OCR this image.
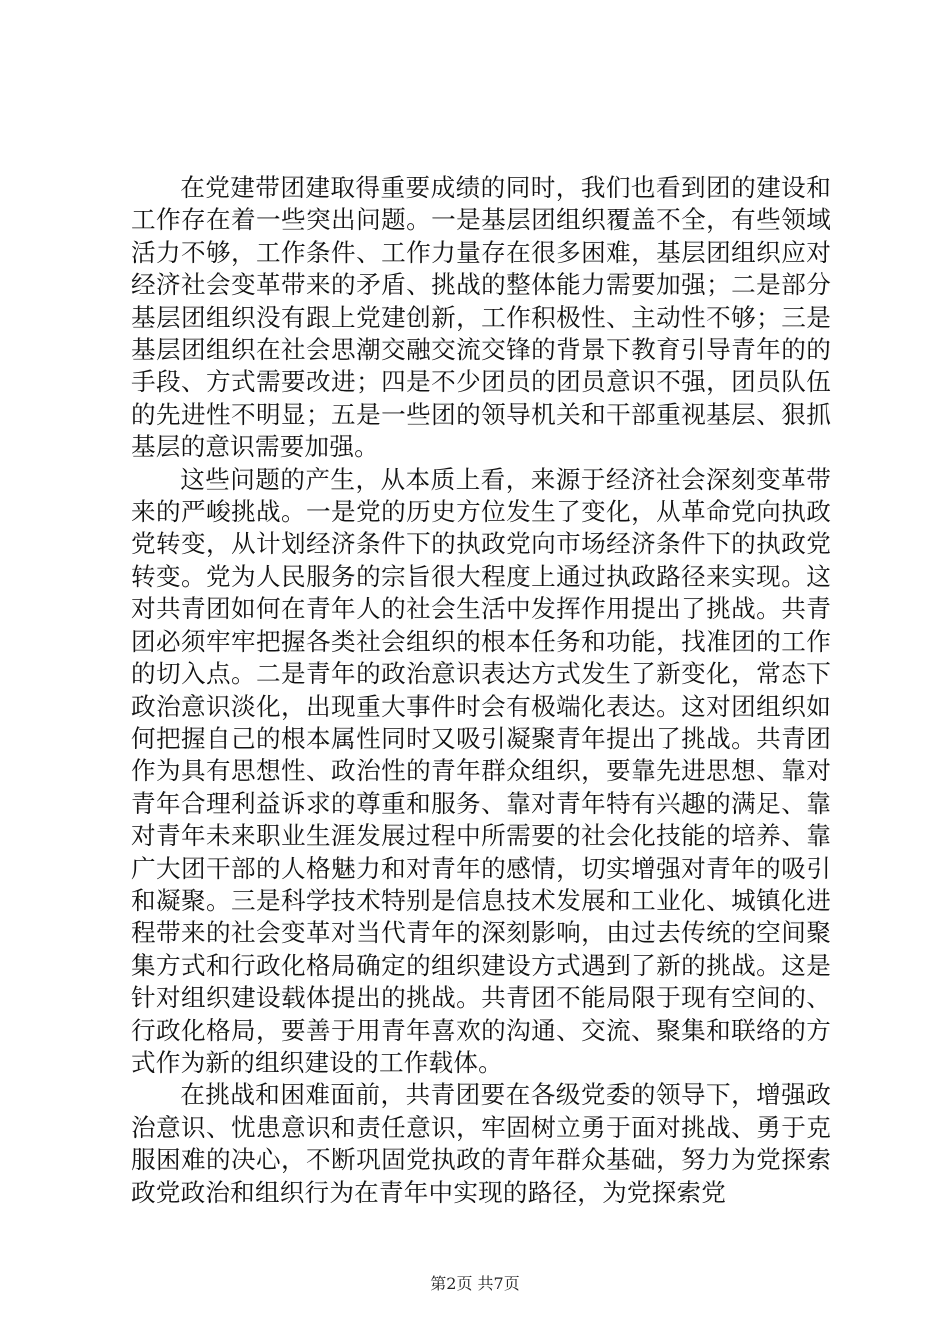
在党建带团建取得重要成绩的同时，我们也看到团的建设和工作存在着一些突出问题。一是基层团组织覆盖不全，有些领域活力不够，工作条件、工作力量存在很多困难，基层团组织应对经济社会变革带来的矛盾、挑战的整体能力需要加强；二是部分基层团组织没有跟上党建创新，工作积极性、主动性不够；三是基层团组织在社会思潮交融交流交锋的背景下教育引导青年的的手段、方式需要改进；四是不少团员的团员意识不强，团员队伍的先进性不明显；五是一些团的领导机关和干部重视基层、狠抓基层的意识需要加强。

这些问题的产生，从本质上看，来源于经济社会深刻变革带来的严峻挑战。一是党的历史方位发生了变化，从革命党向执政党转变，从计划经济条件下的执政党向市场经济条件下的执政党转变。党为人民服务的宗旨很大程度上通过执政路径来实现。这对共青团如何在青年人的社会生活中发挥作用提出了挑战。共青团必须牢牢把握各类社会组织的根本任务和功能，找准团的工作的切入点。二是青年的政治意识表达方式发生了新变化，常态下政治意识淡化，出现重大事件时会有极端化表达。这对团组织如何把握自己的根本属性同时又吸引凝聚青年提出了挑战。共青团作为具有思想性、政治性的青年群众组织，要靠先进思想、靠对青年合理利益诉求的尊重和服务、靠对青年特有兴趣的满足、靠对青年未来职业生涯发展过程中所需要的社会化技能的培养、靠广大团干部的人格魅力和对青年的感情，切实增强对青年的吸引和凝聚。三是科学技术特别是信息技术发展和工业化、城镇化进程带来的社会变革对当代青年的深刻影响，由过去传统的空间聚集方式和行政化格局确定的组织建设方式遇到了新的挑战。这是针对组织建设载体提出的挑战。共青团不能局限于现有空间的、行政化格局，要善于用青年喜欢的沟通、交流、聚集和联络的方式作为新的组织建设的工作载体。

在挑战和困难面前，共青团要在各级党委的领导下，增强政治意识、忧患意识和责任意识，牢固树立勇于面对挑战、勇于克服困难的决心，不断巩固党执政的青年群众基础，努力为党探索政党政治和组织行为在青年中实现的路径，为党探索党

第2页 共7页
